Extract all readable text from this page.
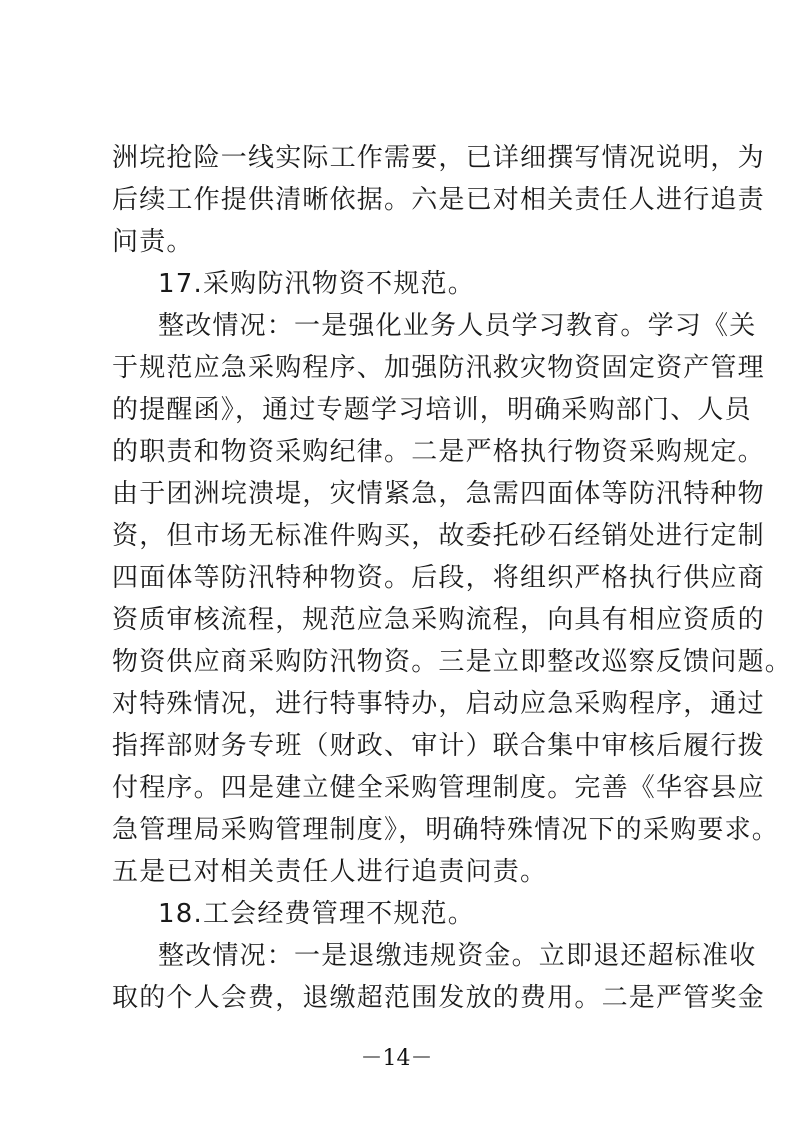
洲垸抢险一线实际工作需要，已详细撰写情况说明，为

后续工作提供清晰依据。六是已对相关责任人进行追责

问责。

17.采购防汛物资不规范。

整改情况：一是强化业务人员学习教育。学习《关

于规范应急采购程序、加强防汛救灾物资固定资产管理

的提醒函》，通过专题学习培训，明确采购部门、人员

的职责和物资采购纪律。二是严格执行物资采购规定。

由于团洲垸溃堤，灾情紧急，急需四面体等防汛特种物

资，但市场无标准件购买，故委托砂石经销处进行定制

四面体等防汛特种物资。后段，将组织严格执行供应商

资质审核流程，规范应急采购流程，向具有相应资质的

物资供应商采购防汛物资。三是立即整改巡察反馈问题。

对特殊情况，进行特事特办，启动应急采购程序，通过

指挥部财务专班（财政、审计）联合集中审核后履行拨

付程序。四是建立健全采购管理制度。完善《华容县应

急管理局采购管理制度》，明确特殊情况下的采购要求。

五是已对相关责任人进行追责问责。

18.工会经费管理不规范。

整改情况：一是退缴违规资金。立即退还超标准收

取的个人会费，退缴超范围发放的费用。二是严管奖金

－14－
